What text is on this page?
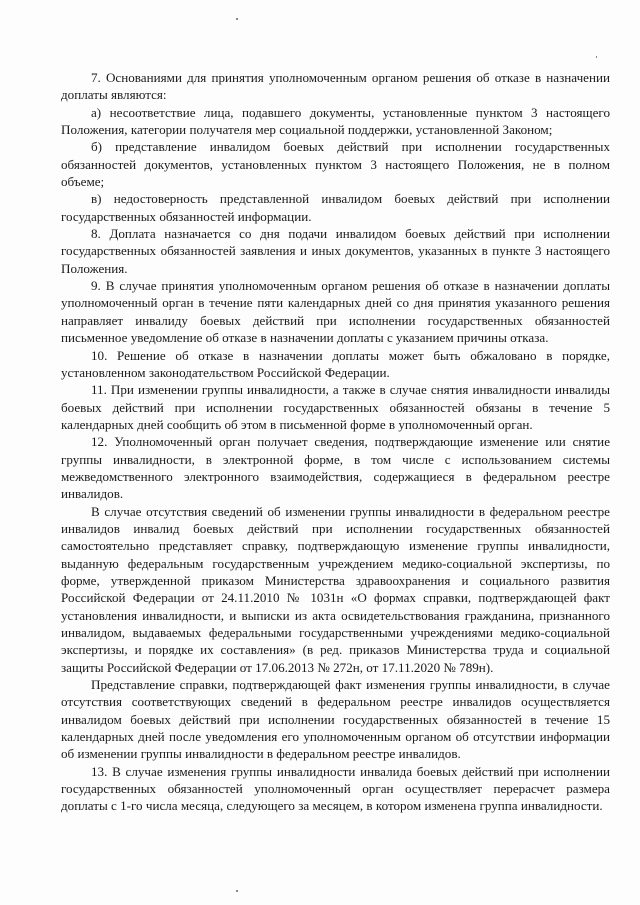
7. Основаниями для принятия уполномоченным органом решения об отказе в назначении доплаты являются:

а) несоответствие лица, подавшего документы, установленные пунктом 3 настоящего Положения, категории получателя мер социальной поддержки, установленной Законом;

б) представление инвалидом боевых действий при исполнении государственных обязанностей документов, установленных пунктом 3 настоящего Положения, не в полном объеме;

в) недостоверность представленной инвалидом боевых действий при исполнении государственных обязанностей информации.

8. Доплата назначается со дня подачи инвалидом боевых действий при исполнении государственных обязанностей заявления и иных документов, указанных в пункте 3 настоящего Положения.

9. В случае принятия уполномоченным органом решения об отказе в назначении доплаты уполномоченный орган в течение пяти календарных дней со дня принятия указанного решения направляет инвалиду боевых действий при исполнении государственных обязанностей письменное уведомление об отказе в назначении доплаты с указанием причины отказа.

10. Решение об отказе в назначении доплаты может быть обжаловано в порядке, установленном законодательством Российской Федерации.

11. При изменении группы инвалидности, а также в случае снятия инвалидности инвалиды боевых действий при исполнении государственных обязанностей обязаны в течение 5 календарных дней сообщить об этом в письменной форме в уполномоченный орган.

12. Уполномоченный орган получает сведения, подтверждающие изменение или снятие группы инвалидности, в электронной форме, в том числе с использованием системы межведомственного электронного взаимодействия, содержащиеся в федеральном реестре инвалидов.

В случае отсутствия сведений об изменении группы инвалидности в федеральном реестре инвалидов инвалид боевых действий при исполнении государственных обязанностей самостоятельно представляет справку, подтверждающую изменение группы инвалидности, выданную федеральным государственным учреждением медико-социальной экспертизы, по форме, утвержденной приказом Министерства здравоохранения и социального развития Российской Федерации от 24.11.2010 № 1031н «О формах справки, подтверждающей факт установления инвалидности, и выписки из акта освидетельствования гражданина, признанного инвалидом, выдаваемых федеральными государственными учреждениями медико-социальной экспертизы, и порядке их составления» (в ред. приказов Министерства труда и социальной защиты Российской Федерации от 17.06.2013 № 272н, от 17.11.2020 № 789н).

Представление справки, подтверждающей факт изменения группы инвалидности, в случае отсутствия соответствующих сведений в федеральном реестре инвалидов осуществляется инвалидом боевых действий при исполнении государственных обязанностей в течение 15 календарных дней после уведомления его уполномоченным органом об отсутствии информации об изменении группы инвалидности в федеральном реестре инвалидов.

13. В случае изменения группы инвалидности инвалида боевых действий при исполнении государственных обязанностей уполномоченный орган осуществляет перерасчет размера доплаты с 1-го числа месяца, следующего за месяцем, в котором изменена группа инвалидности.
